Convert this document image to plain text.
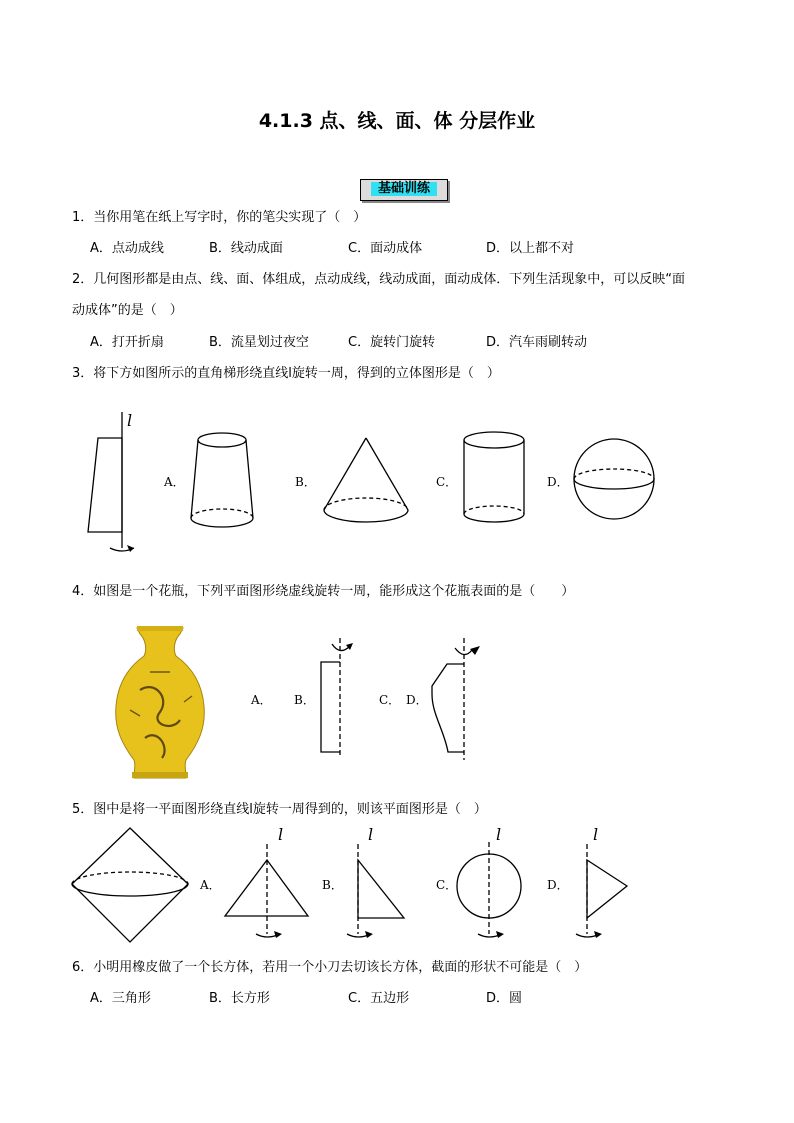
4.1.3 点、线、面、体 分层作业
基础训练
1．当你用笔在纸上写字时，你的笔尖实现了（　）
A．点动成线	B．线动成面	C．面动成体	D．以上都不对
2．几何图形都是由点、线、面、体组成，点动成线，线动成面，面动成体．下列生活现象中，可以反映“面
动成体”的是（　）
A．打开折扇	B．流星划过夜空	C．旋转门旋转	D．汽车雨刷转动
3．将下方如图所示的直角梯形绕直线l旋转一周，得到的立体图形是（　）
l
A．	B．	C．	D．
4．如图是一个花瓶，下列平面图形绕虚线旋转一周，能形成这个花瓶表面的是（　　）
A． B．	C． D．
5．图中是将一平面图形绕直线l旋转一周得到的，则该平面图形是（　）
A．
l
B．
l
C．
l
D．
l
6．小明用橡皮做了一个长方体，若用一个小刀去切该长方体，截面的形状不可能是（　）
A．三角形	B．长方形	C．五边形	D．圆
